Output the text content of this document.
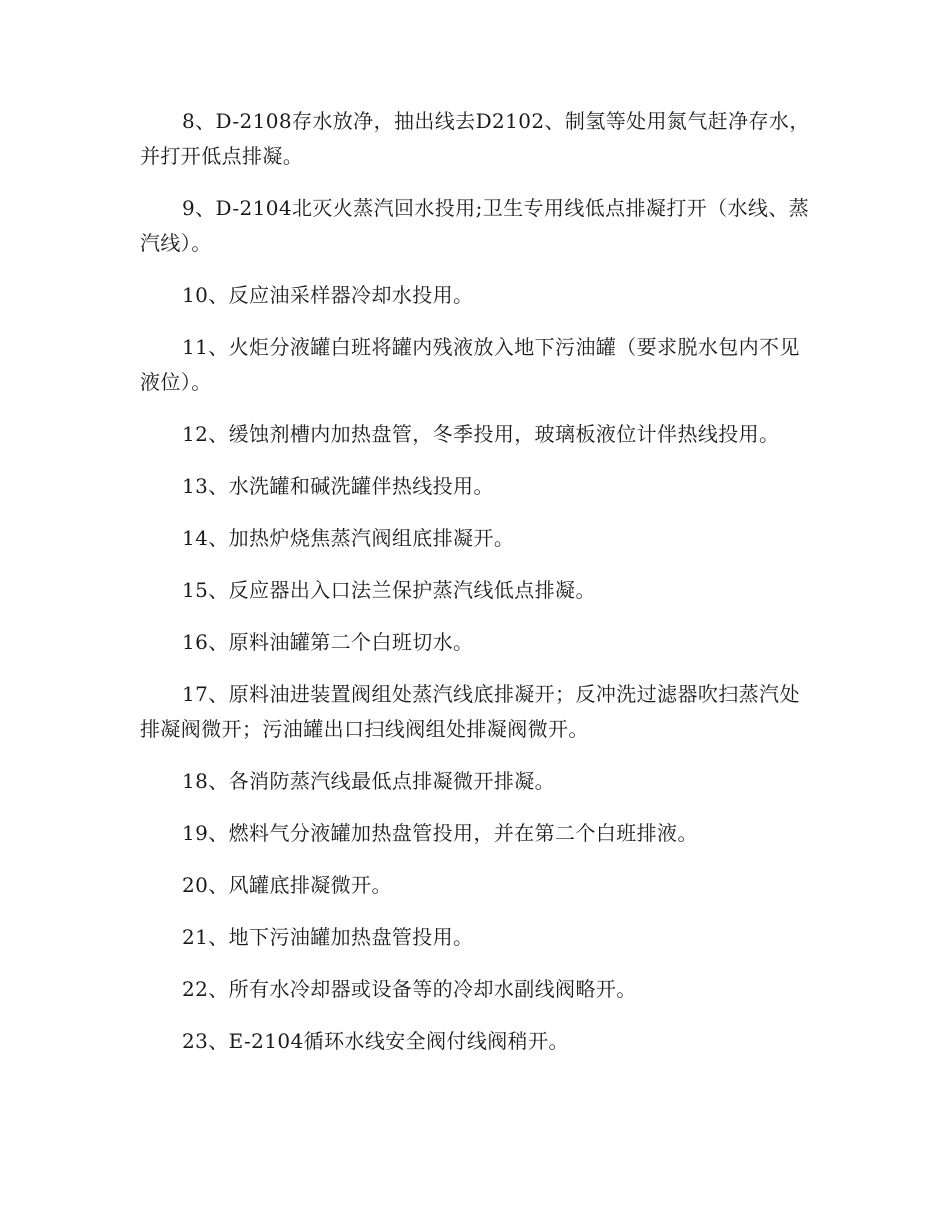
8、D-2108存水放净，抽出线去D2102、制氢等处用氮气赶净存水，并打开低点排凝。

9、D-2104北灭火蒸汽回水投用;卫生专用线低点排凝打开（水线、蒸汽线）。

10、反应油采样器冷却水投用。

11、火炬分液罐白班将罐内残液放入地下污油罐（要求脱水包内不见液位）。

12、缓蚀剂槽内加热盘管，冬季投用，玻璃板液位计伴热线投用。

13、水洗罐和碱洗罐伴热线投用。

14、加热炉烧焦蒸汽阀组底排凝开。

15、反应器出入口法兰保护蒸汽线低点排凝。

16、原料油罐第二个白班切水。

17、原料油进装置阀组处蒸汽线底排凝开；反冲洗过滤器吹扫蒸汽处排凝阀微开；污油罐出口扫线阀组处排凝阀微开。

18、各消防蒸汽线最低点排凝微开排凝。

19、燃料气分液罐加热盘管投用，并在第二个白班排液。

20、风罐底排凝微开。

21、地下污油罐加热盘管投用。

22、所有水冷却器或设备等的冷却水副线阀略开。

23、E-2104循环水线安全阀付线阀稍开。
